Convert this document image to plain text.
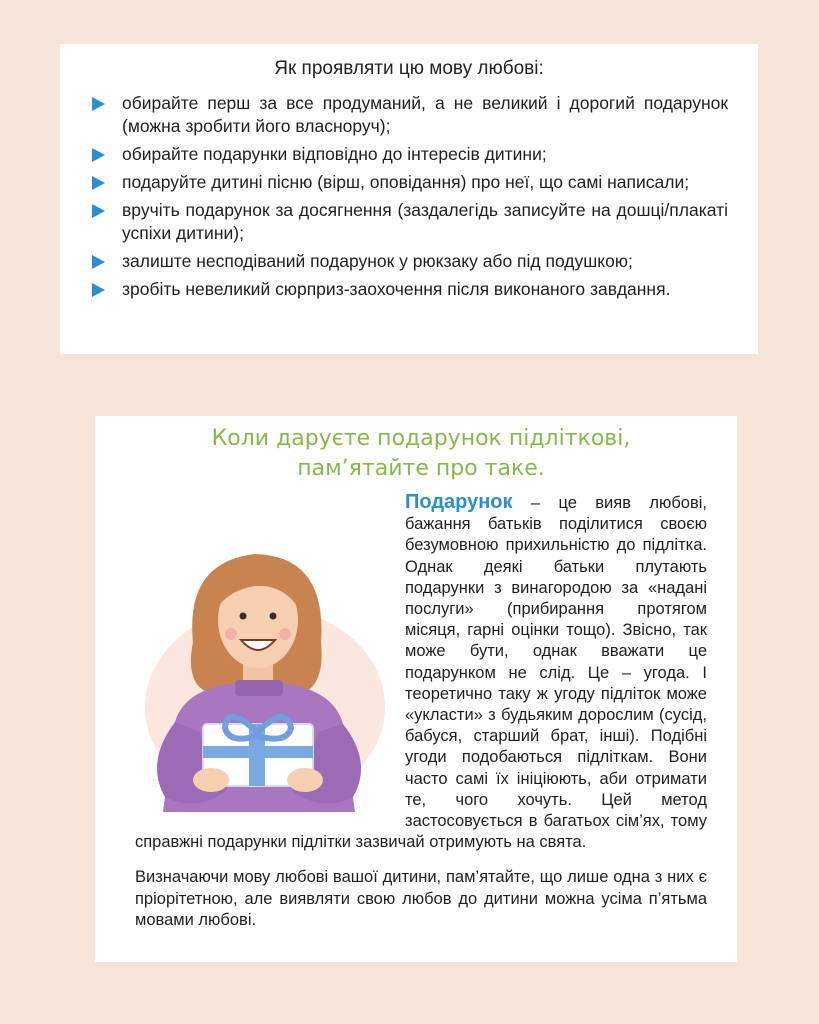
Як проявляти цю мову любові:
обирайте перш за все продуманий, а не великий і дорогий подарунок (можна зробити його власноруч);
обирайте подарунки відповідно до інтересів дитини;
подаруйте дитині пісню (вірш, оповідання) про неї, що самі написали;
вручіть подарунок за досягнення (заздалегідь записуйте на дошці/плакаті успіхи дитини);
залиште несподіваний подарунок у рюкзаку або під подушкою;
зробіть невеликий сюрприз-заохочення після виконаного завдання.

Коли даруєте подарунок підліткові,
пам’ятайте про таке.

Подарунок – це вияв любові, бажання батьків поділитися своєю безумовною прихильністю до підлітка. Однак деякі батьки плутають подарунки з винагородою за «надані послуги» (прибирання протягом місяця, гарні оцінки тощо). Звісно, так може бути, однак вважати це подарунком не слід. Це – угода. І теоретично таку ж угоду підліток може «укласти» з будьяким дорослим (сусід, бабуся, старший брат, інші). Подібні угоди подобаються підліткам. Вони часто самі їх ініціюють, аби отримати те, чого хочуть. Цей метод застосовується в багатьох сім’ях, тому справжні подарунки підлітки зазвичай отримують на свята.

Визначаючи мову любові вашої дитини, пам’ятайте, що лише одна з них є пріорітетною, але виявляти свою любов до дитини можна усіма п’ятьма мовами любові.
